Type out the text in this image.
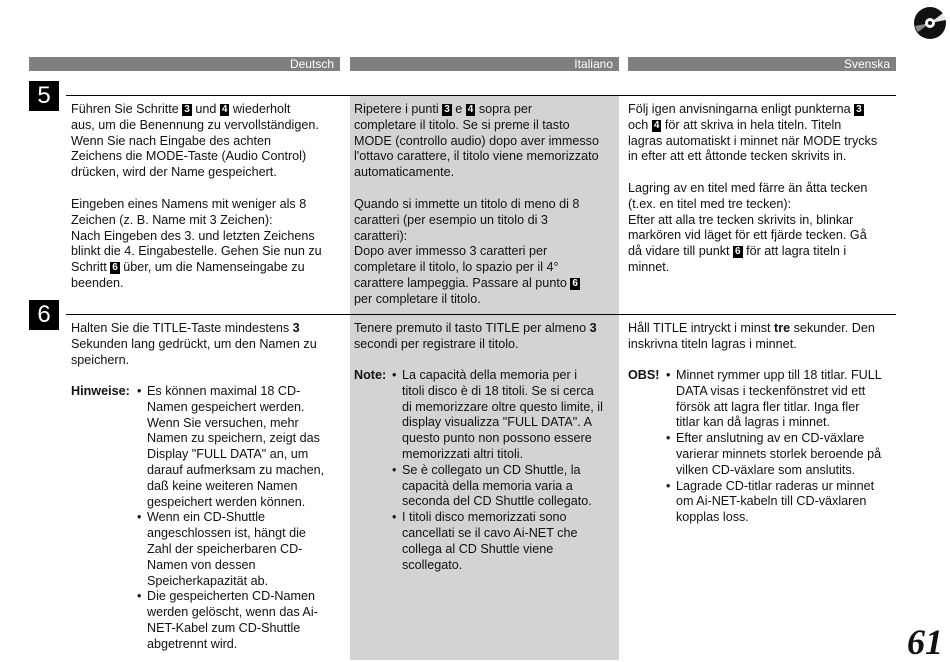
Deutsch	Italiano	Svenska
5
6

Führen Sie Schritte 3 und 4 wiederholt

aus, um die Benennung zu vervollständigen.

Wenn Sie nach Eingabe des achten

Zeichens die MODE-Taste (Audio Control)

drücken, wird der Name gespeichert.

Eingeben eines Namens mit weniger als 8

Zeichen (z. B. Name mit 3 Zeichen):

Nach Eingeben des 3. und letzten Zeichens

blinkt die 4. Eingabestelle. Gehen Sie nun zu

Schritt 6 über, um die Namenseingabe zu

beenden.

Ripetere i punti 3 e 4 sopra per

completare il titolo. Se si preme il tasto

MODE (controllo audio) dopo aver immesso

l'ottavo carattere, il titolo viene memorizzato

automaticamente.

Quando si immette un titolo di meno di 8

caratteri (per esempio un titolo di 3

caratteri):

Dopo aver immesso 3 caratteri per

completare il titolo, lo spazio per il 4°

carattere lampeggia. Passare al punto 6

per completare il titolo.

Följ igen anvisningarna enligt punkterna 3

och 4 för att skriva in hela titeln. Titeln

lagras automatiskt i minnet när MODE trycks

in efter att ett åttonde tecken skrivits in.

Lagring av en titel med färre än åtta tecken

(t.ex. en titel med tre tecken):

Efter att alla tre tecken skrivits in, blinkar

markören vid läget för ett fjärde tecken. Gå

då vidare till punkt 6 för att lagra titeln i

minnet.

Halten Sie die TITLE-Taste mindestens 3

Sekunden lang gedrückt, um den Namen zu

speichern.

Tenere premuto il tasto TITLE per almeno 3

secondi per registrare il titolo.

Håll TITLE intryckt i minst tre sekunder. Den

inskrivna titeln lagras i minnet.

Hinweise: • Es können maximal 18 CD-
Namen gespeichert werden.
Wenn Sie versuchen, mehr
Namen zu speichern, zeigt das
Display "FULL DATA" an, um
darauf aufmerksam zu machen,
daß keine weiteren Namen
gespeichert werden können.
• Wenn ein CD-Shuttle
angeschlossen ist, hängt die
Zahl der speicherbaren CD-
Namen von dessen
Speicherkapazität ab.
• Die gespeicherten CD-Namen
werden gelöscht, wenn das Ai-
NET-Kabel zum CD-Shuttle
abgetrennt wird.
Note: • La capacità della memoria per i
titoli disco è di 18 titoli. Se si cerca
di memorizzare oltre questo limite, il
display visualizza "FULL DATA". A
questo punto non possono essere
memorizzati altri titoli.
• Se è collegato un CD Shuttle, la
capacità della memoria varia a
seconda del CD Shuttle collegato.
• I titoli disco memorizzati sono
cancellati se il cavo Ai-NET che
collega al CD Shuttle viene
scollegato.
OBS! • Minnet rymmer upp till 18 titlar. FULL
DATA visas i teckenfönstret vid ett
försök att lagra fler titlar. Inga fler
titlar kan då lagras i minnet.
• Efter anslutning av en CD-växlare
varierar minnets storlek beroende på
vilken CD-växlare som anslutits.
• Lagrade CD-titlar raderas ur minnet
om Ai-NET-kabeln till CD-växlaren
kopplas loss.
61
